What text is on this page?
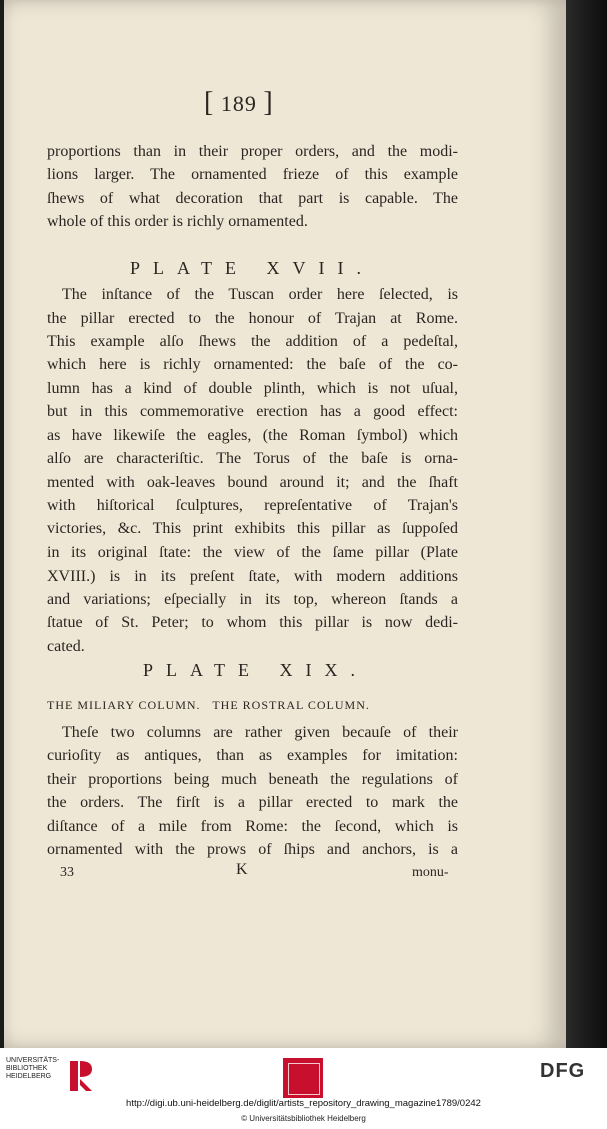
[ 189 ]

proportions than in their proper orders, and the modi-

lions larger. The ornamented frieze of this example

ſhews of what decoration that part is capable. The

whole of this order is richly ornamented.

PLATE XVII.

The inſtance of the Tuscan order here ſelected, is

the pillar erected to the honour of Trajan at Rome.

This example alſo ſhews the addition of a pedeſtal,

which here is richly ornamented: the baſe of the co-

lumn has a kind of double plinth, which is not uſual,

but in this commemorative erection has a good effect:

as have likewiſe the eagles, (the Roman ſymbol) which

alſo are characteriſtic. The Torus of the baſe is orna-

mented with oak-leaves bound around it; and the ſhaft

with hiſtorical ſculptures, repreſentative of Trajan's

victories, &c. This print exhibits this pillar as ſuppoſed

in its original ſtate: the view of the ſame pillar (Plate

XVIII.) is in its preſent ſtate, with modern additions

and variations; eſpecially in its top, whereon ſtands a

ſtatue of St. Peter; to whom this pillar is now dedi-

cated.

PLATE XIX.

THE MILIARY COLUMN.   THE ROSTRAL COLUMN.

Theſe two columns are rather given becauſe of their

curioſity as antiques, than as examples for imitation:

their proportions being much beneath the regulations of

the orders. The firſt is a pillar erected to mark the

diſtance of a mile from Rome: the ſecond, which is

ornamented with the prows of ſhips and anchors, is a

33	K	monu-

UNIVERSITÄTS-
BIBLIOTHEK
HEIDELBERG	DFG
http://digi.ub.uni-heidelberg.de/diglit/artists_repository_drawing_magazine1789/0242
© Universitätsbibliothek Heidelberg
